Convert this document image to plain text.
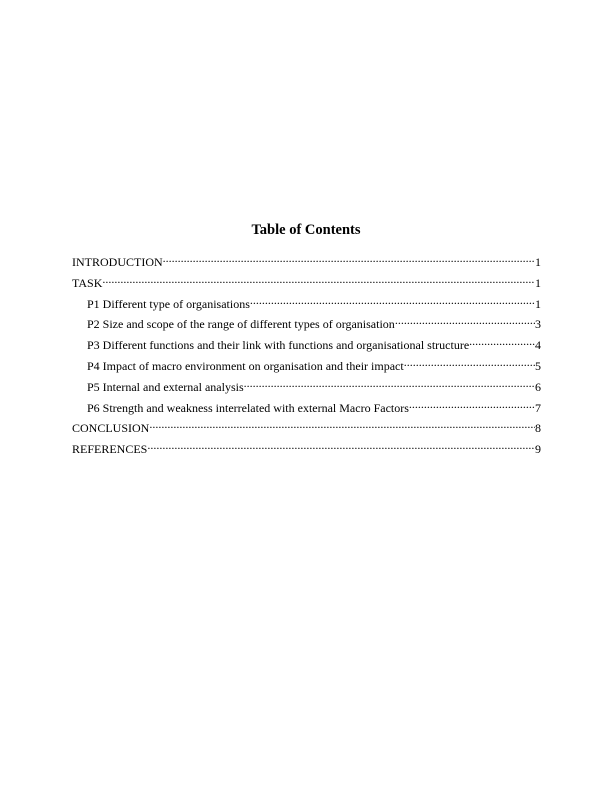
Table of Contents
INTRODUCTION .....	1
TASK .....	1
P1 Different type of organisations .....	1
P2 Size and scope of the range of different types of organisation .....	3
P3 Different functions and their link with functions and organisational structure .....	4
P4 Impact of macro environment on organisation and their impact .....	5
P5 Internal and external analysis .....	6
P6 Strength and weakness interrelated with external Macro Factors .....	7
CONCLUSION .....	8
REFERENCES .....	9
